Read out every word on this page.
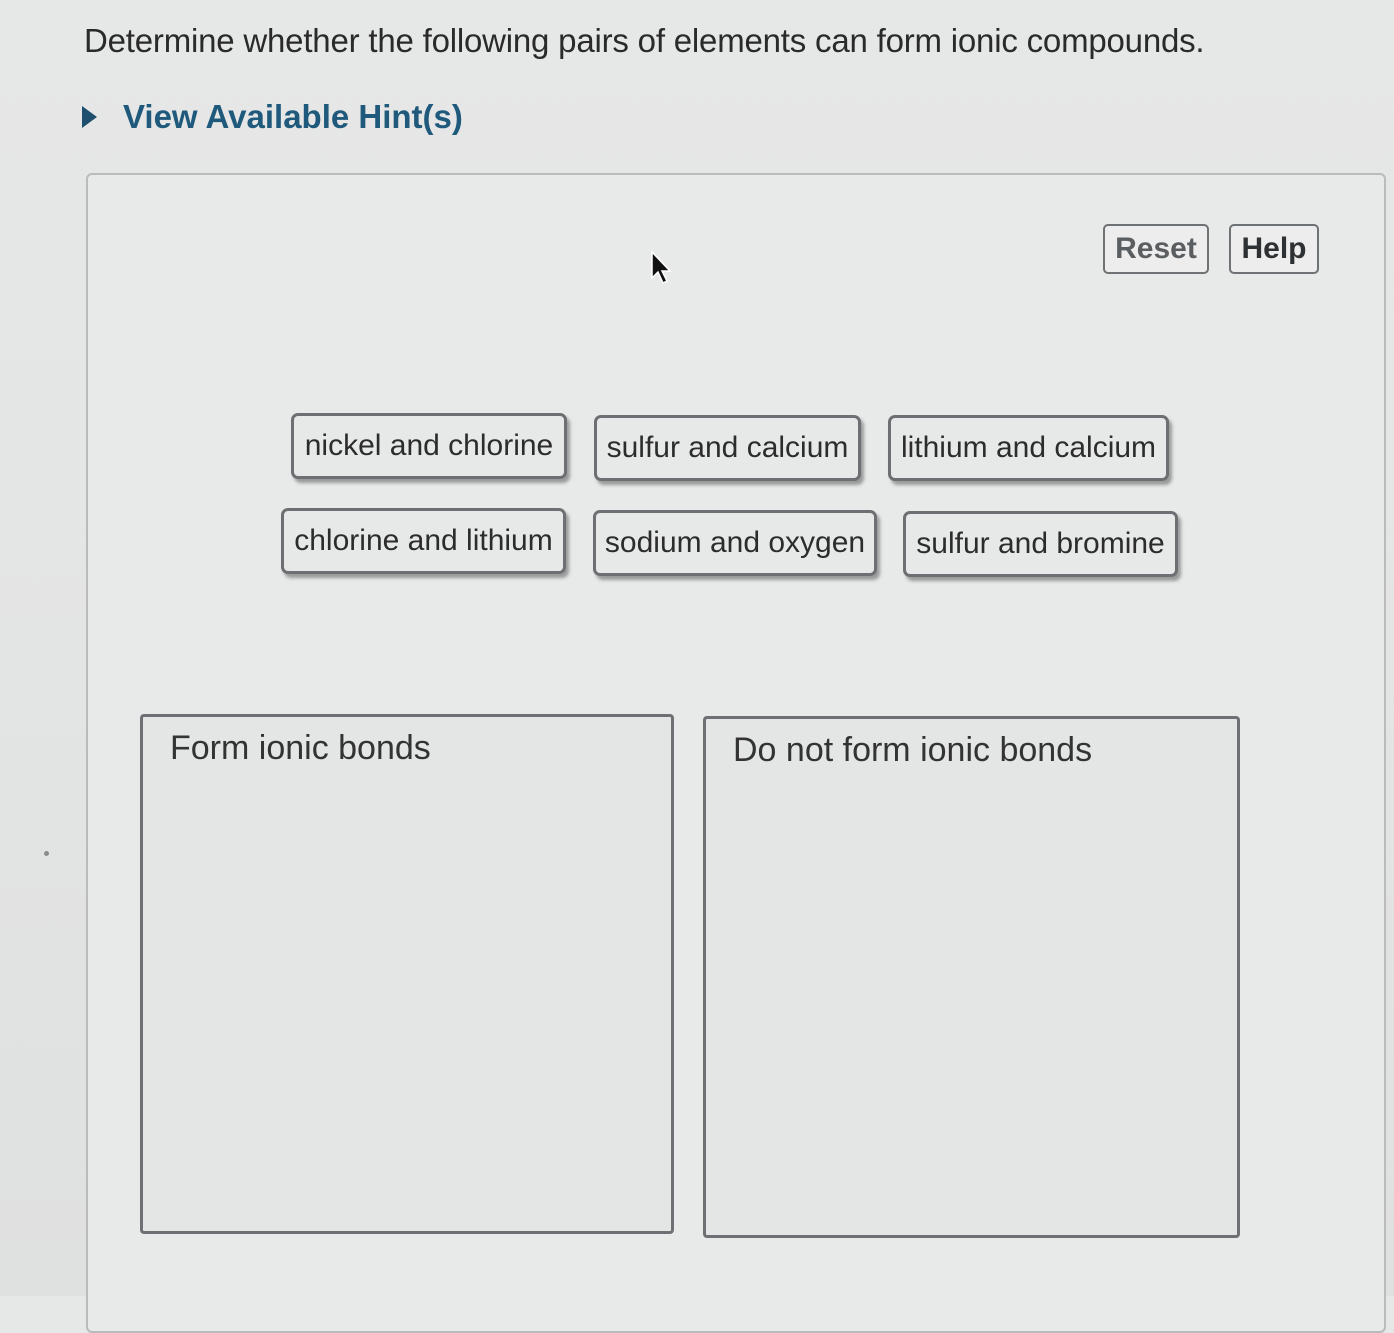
Determine whether the following pairs of elements can form ionic compounds.
View Available Hint(s)
Reset	Help
nickel and chlorine	sulfur and calcium	lithium and calcium
chlorine and lithium	sodium and oxygen	sulfur and bromine
Form ionic bonds	Do not form ionic bonds
